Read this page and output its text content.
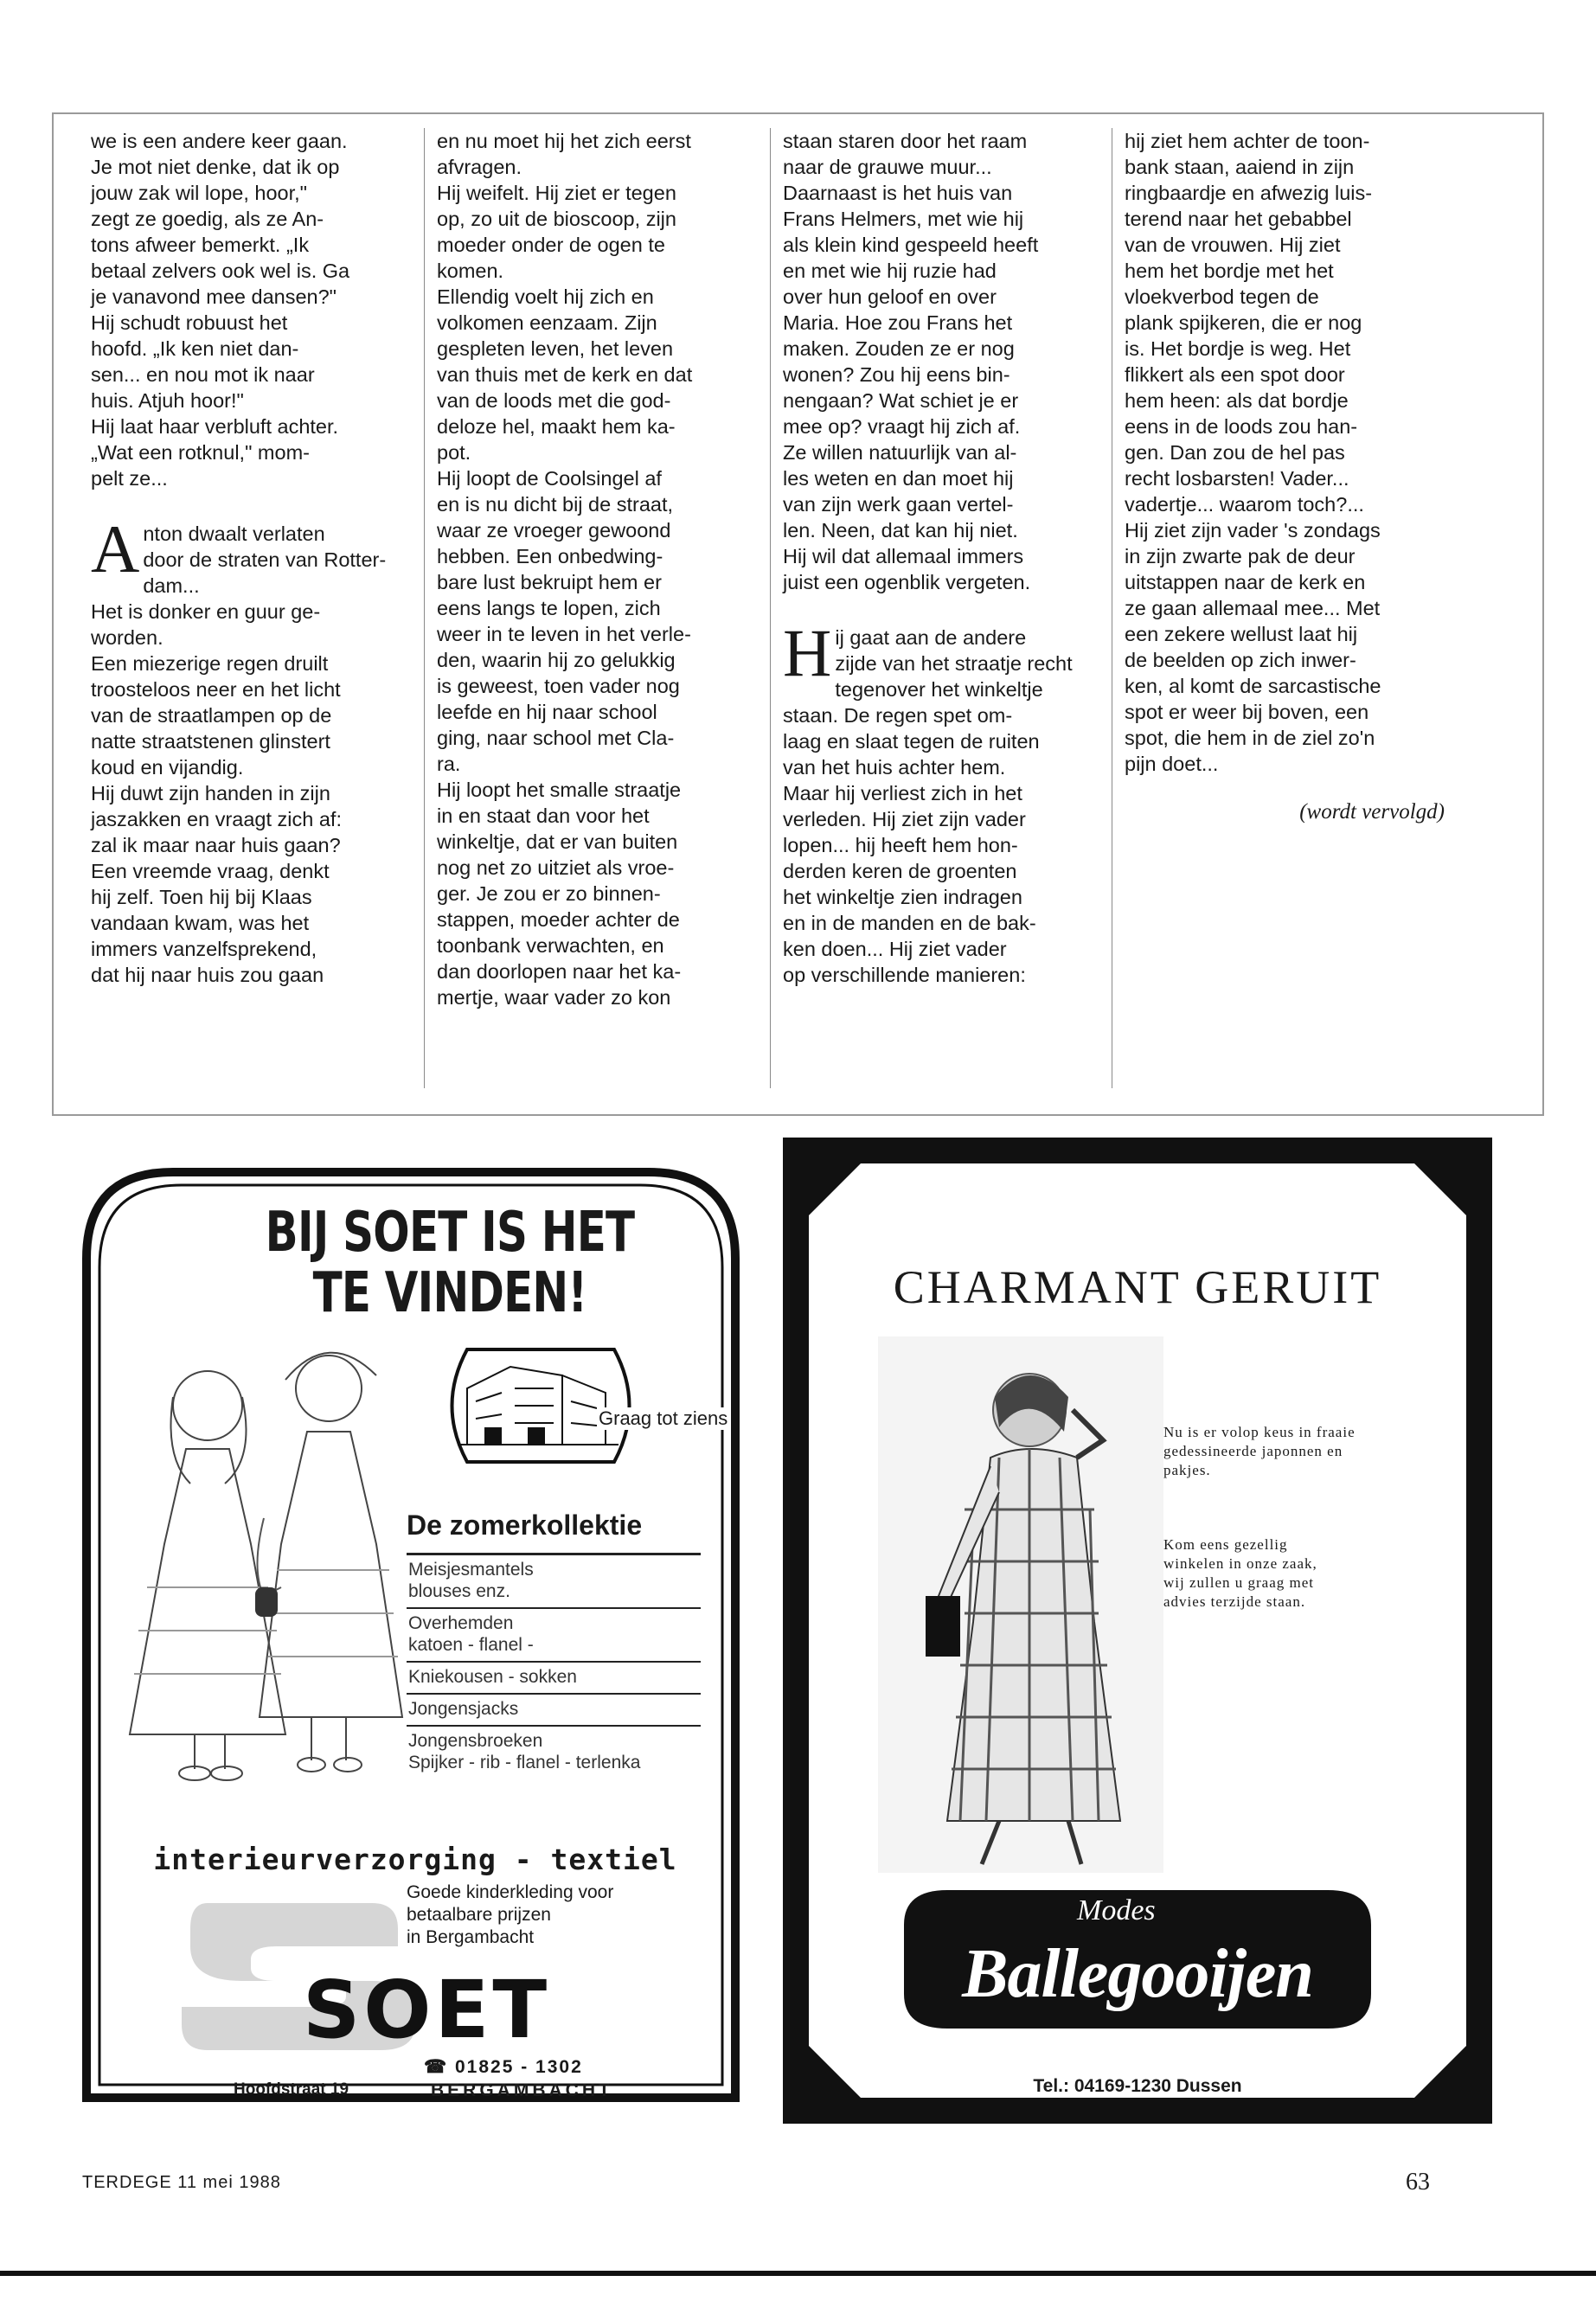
we is een andere keer gaan.

Je mot niet denke, dat ik op

jouw zak wil lope, hoor,"

zegt ze goedig, als ze An-

tons afweer bemerkt. „Ik

betaal zelvers ook wel is. Ga

je vanavond mee dansen?"

Hij schudt robuust het

hoofd. „Ik ken niet dan-

sen... en nou mot ik naar

huis. Atjuh hoor!"

Hij laat haar verbluft achter.

„Wat een rotknul," mom-

pelt ze...

A nton dwaalt verlaten

door de straten van Rotter-

dam...

Het is donker en guur ge-

worden.

Een miezerige regen druilt

troosteloos neer en het licht

van de straatlampen op de

natte straatstenen glinstert

koud en vijandig.

Hij duwt zijn handen in zijn

jaszakken en vraagt zich af:

zal ik maar naar huis gaan?

Een vreemde vraag, denkt

hij zelf. Toen hij bij Klaas

vandaan kwam, was het

immers vanzelfsprekend,

dat hij naar huis zou gaan

en nu moet hij het zich eerst

afvragen.

Hij weifelt. Hij ziet er tegen

op, zo uit de bioscoop, zijn

moeder onder de ogen te

komen.

Ellendig voelt hij zich en

volkomen eenzaam. Zijn

gespleten leven, het leven

van thuis met de kerk en dat

van de loods met die god-

deloze hel, maakt hem ka-

pot.

Hij loopt de Coolsingel af

en is nu dicht bij de straat,

waar ze vroeger gewoond

hebben. Een onbedwing-

bare lust bekruipt hem er

eens langs te lopen, zich

weer in te leven in het verle-

den, waarin hij zo gelukkig

is geweest, toen vader nog

leefde en hij naar school

ging, naar school met Cla-

ra.

Hij loopt het smalle straatje

in en staat dan voor het

winkeltje, dat er van buiten

nog net zo uitziet als vroe-

ger. Je zou er zo binnen-

stappen, moeder achter de

toonbank verwachten, en

dan doorlopen naar het ka-

mertje, waar vader zo kon

staan staren door het raam

naar de grauwe muur...

Daarnaast is het huis van

Frans Helmers, met wie hij

als klein kind gespeeld heeft

en met wie hij ruzie had

over hun geloof en over

Maria. Hoe zou Frans het

maken. Zouden ze er nog

wonen? Zou hij eens bin-

nengaan? Wat schiet je er

mee op? vraagt hij zich af.

Ze willen natuurlijk van al-

les weten en dan moet hij

van zijn werk gaan vertel-

len. Neen, dat kan hij niet.

Hij wil dat allemaal immers

juist een ogenblik vergeten.

H ij gaat aan de andere

zijde van het straatje recht

tegenover het winkeltje

staan. De regen spet om-

laag en slaat tegen de ruiten

van het huis achter hem.

Maar hij verliest zich in het

verleden. Hij ziet zijn vader

lopen... hij heeft hem hon-

derden keren de groenten

het winkeltje zien indragen

en in de manden en de bak-

ken doen... Hij ziet vader

op verschillende manieren:

hij ziet hem achter de toon-

bank staan, aaiend in zijn

ringbaardje en afwezig luis-

terend naar het gebabbel

van de vrouwen. Hij ziet

hem het bordje met het

vloekverbod tegen de

plank spijkeren, die er nog

is. Het bordje is weg. Het

flikkert als een spot door

hem heen: als dat bordje

eens in de loods zou han-

gen. Dan zou de hel pas

recht losbarsten! Vader...

vadertje... waarom toch?...

Hij ziet zijn vader 's zondags

in zijn zwarte pak de deur

uitstappen naar de kerk en

ze gaan allemaal mee... Met

een zekere wellust laat hij

de beelden op zich inwer-

ken, al komt de sarcastische

spot er weer bij boven, een

spot, die hem in de ziel zo'n

pijn doet...

(wordt vervolgd)

BIJ SOET IS HET
TE VINDEN!
Graag tot ziens
De zomerkollektie
Meisjesmantels
blouses enz.
Overhemden
katoen - flanel -
Kniekousen - sokken
Jongensjacks
Jongensbroeken
Spijker - rib - flanel - terlenka
interieurverzorging - textiel
SOET
Goede kinderkleding voor
betaalbare prijzen
in Bergambacht
Hoofdstraat 19
☎ 01825 - 1302
BERGAMBACHT
CHARMANT GERUIT
Nu is er volop keus in fraaie gedessineerde japonnen en pakjes.
Kom eens gezellig winkelen in onze zaak, wij zullen u graag met advies terzijde staan.
Modes
Ballegooijen
Tel.: 04169-1230 Dussen
TERDEGE 11 mei 1988	63
